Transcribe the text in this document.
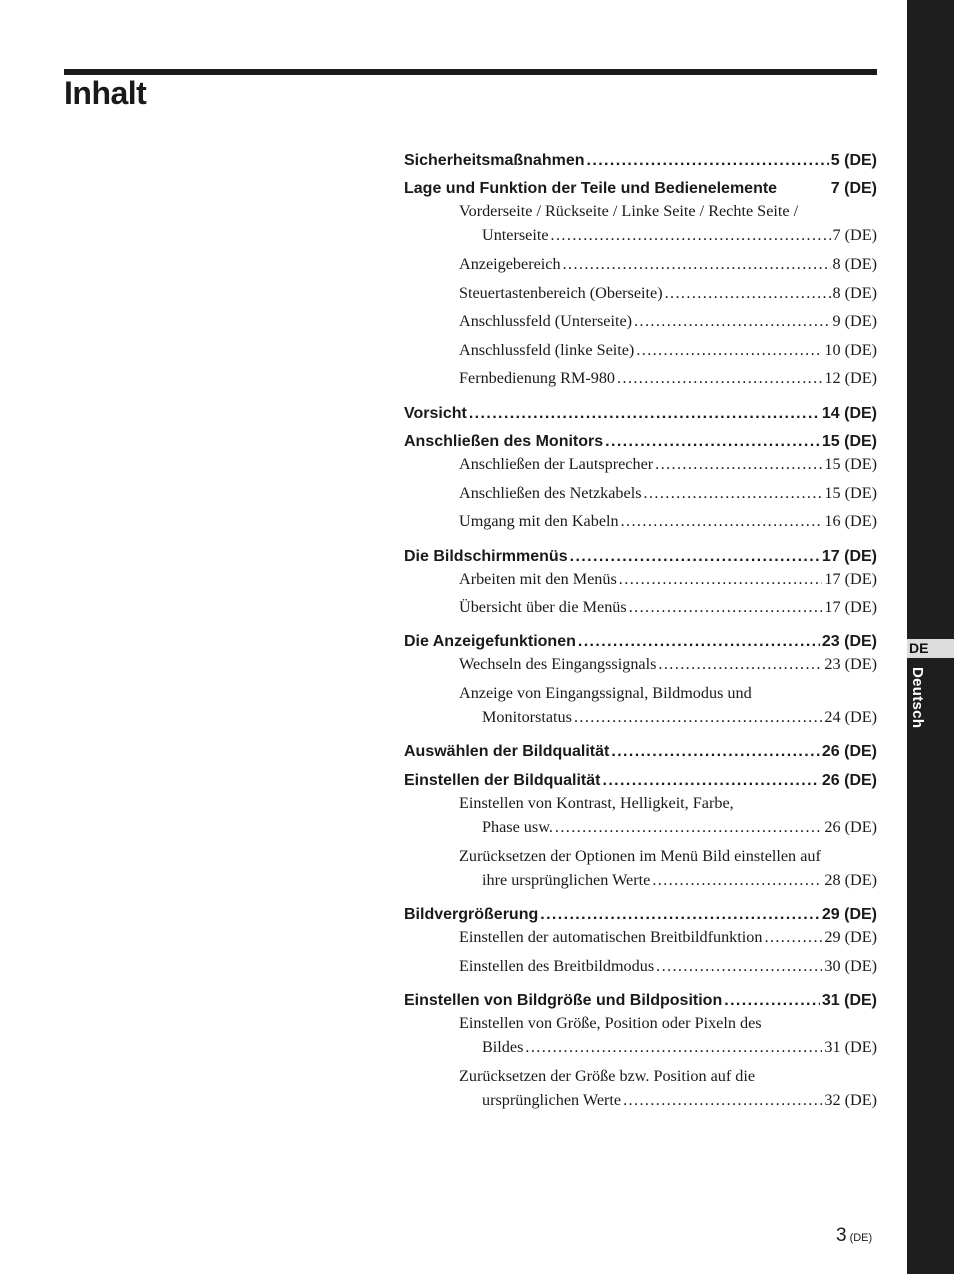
Inhalt
DE
Deutsch
Sicherheitsmaßnahmen .....	5 (DE)
Lage und Funktion der Teile und Bedienelemente	7 (DE)
Vorderseite / Rückseite / Linke Seite / Rechte Seite /
Unterseite .....	7 (DE)
Anzeigebereich .....	8 (DE)
Steuertastenbereich (Oberseite) .....	8 (DE)
Anschlussfeld (Unterseite) .....	9 (DE)
Anschlussfeld (linke Seite) .....	10 (DE)
Fernbedienung RM-980 .....	12 (DE)
Vorsicht .....	14 (DE)
Anschließen des Monitors .....	15 (DE)
Anschließen der Lautsprecher .....	15 (DE)
Anschließen des Netzkabels .....	15 (DE)
Umgang mit den Kabeln .....	16 (DE)
Die Bildschirmmenüs .....	17 (DE)
Arbeiten mit den Menüs .....	17 (DE)
Übersicht über die Menüs .....	17 (DE)
Die Anzeigefunktionen .....	23 (DE)
Wechseln des Eingangssignals .....	23 (DE)
Anzeige von Eingangssignal, Bildmodus und
Monitorstatus .....	24 (DE)
Auswählen der Bildqualität .....	26 (DE)
Einstellen der Bildqualität .....	26 (DE)
Einstellen von Kontrast, Helligkeit, Farbe,
Phase usw. .....	26 (DE)
Zurücksetzen der Optionen im Menü Bild einstellen auf
ihre ursprünglichen Werte .....	28 (DE)
Bildvergrößerung .....	29 (DE)
Einstellen der automatischen Breitbildfunktion .....	29 (DE)
Einstellen des Breitbildmodus .....	30 (DE)
Einstellen von Bildgröße und Bildposition .....	31 (DE)
Einstellen von Größe, Position oder Pixeln des
Bildes .....	31 (DE)
Zurücksetzen der Größe bzw. Position auf die
ursprünglichen Werte .....	32 (DE)
3 (DE)
